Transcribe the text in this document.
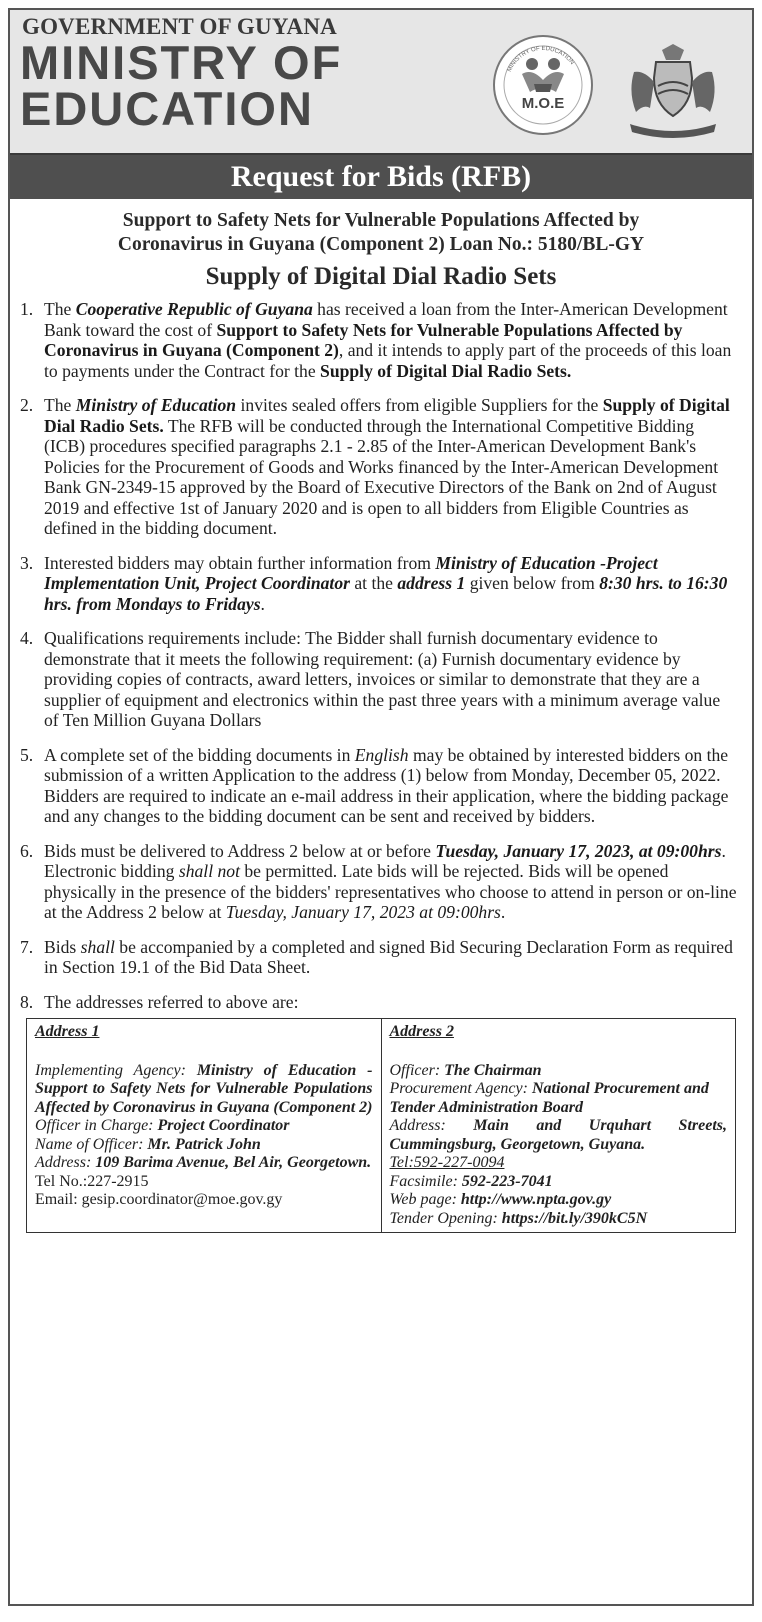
GOVERNMENT OF GUYANA
MINISTRY OF
EDUCATION	M.O.E
MINISTRY OF EDUCATION
Request for Bids (RFB)
Support to Safety Nets for Vulnerable Populations Affected by
Coronavirus in Guyana (Component 2) Loan No.: 5180/BL-GY
Supply of Digital Dial Radio Sets
1. The Cooperative Republic of Guyana has received a loan from the Inter-American Development Bank toward the cost of Support to Safety Nets for Vulnerable Populations Affected by Coronavirus in Guyana (Component 2), and it intends to apply part of the proceeds of this loan to payments under the Contract for the Supply of Digital Dial Radio Sets.
2. The Ministry of Education invites sealed offers from eligible Suppliers for the Supply of Digital Dial Radio Sets. The RFB will be conducted through the International Competitive Bidding (ICB) procedures specified paragraphs 2.1 - 2.85 of the Inter-American Development Bank's Policies for the Procurement of Goods and Works financed by the Inter-American Development Bank GN-2349-15 approved by the Board of Executive Directors of the Bank on 2nd of August 2019 and effective 1st of January 2020 and is open to all bidders from Eligible Countries as defined in the bidding document.
3. Interested bidders may obtain further information from Ministry of Education -Project Implementation Unit, Project Coordinator at the address 1 given below from 8:30 hrs. to 16:30 hrs. from Mondays to Fridays.
4. Qualifications requirements include: The Bidder shall furnish documentary evidence to demonstrate that it meets the following requirement: (a) Furnish documentary evidence by providing copies of contracts, award letters, invoices or similar to demonstrate that they are a supplier of equipment and electronics within the past three years with a minimum average value of Ten Million Guyana Dollars
5. A complete set of the bidding documents in English may be obtained by interested bidders on the submission of a written Application to the address (1) below from Monday, December 05, 2022. Bidders are required to indicate an e-mail address in their application, where the bidding package and any changes to the bidding document can be sent and received by bidders.
6. Bids must be delivered to Address 2 below at or before Tuesday, January 17, 2023, at 09:00hrs. Electronic bidding shall not be permitted. Late bids will be rejected. Bids will be opened physically in the presence of the bidders' representatives who choose to attend in person or on-line at the Address 2 below at Tuesday, January 17, 2023 at 09:00hrs.
7. Bids shall be accompanied by a completed and signed Bid Securing Declaration Form as required in Section 19.1 of the Bid Data Sheet.
8. The addresses referred to above are:
Address 1
Implementing Agency: Ministry of Education - Support to Safety Nets for Vulnerable Populations Affected by Coronavirus in Guyana (Component 2)
Officer in Charge: Project Coordinator
Name of Officer: Mr. Patrick John
Address: 109 Barima Avenue, Bel Air, Georgetown.
Tel No.:227-2915
Email: gesip.coordinator@moe.gov.gy
Address 2
Officer: The Chairman
Procurement Agency: National Procurement and Tender Administration Board
Address: Main and Urquhart Streets, Cummingsburg, Georgetown, Guyana.
Tel:592-227-0094
Facsimile: 592-223-7041
Web page: http://www.npta.gov.gy
Tender Opening: https://bit.ly/390kC5N
